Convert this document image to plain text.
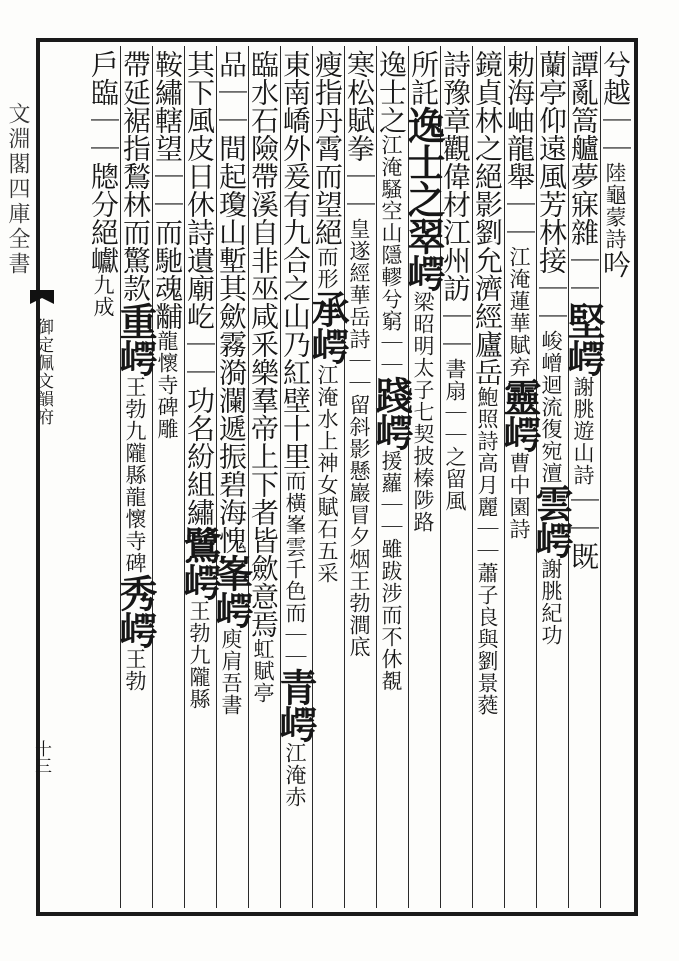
文淵閣四庫全書
御定佩文韻府
十三
兮越｜｜陸龜蒙詩吟
譚亂篙艫夢寐雜｜｜堅崿謝朓遊山詩｜｜既
蘭亭仰遠風芳林接｜｜峻嶒迴流復宛澶雲崿謝朓紀功
勅海岫龍舉｜｜江淹蓮華賦弃靈崿曹中園詩
鏡貞林之絕影劉允濟經廬岳鮑照詩高月麗｜｜蕭子良與劉景蕤
詩豫章觀偉材江州訪｜｜書扇｜｜之留風
所託逸士之翠崿梁昭明太子七契披榛陟路
逸士之江淹騷空山隱轇兮窮｜｜踐崿援蘿｜｜雖跋涉而不休覩
寒松賦拳｜｜皇遂經華岳詩｜｜留斜影懸巖冒夕烟王勃澗底
瘦指丹霄而望絕而形承崿江淹水上神女賦石五采
東南嶠外爰有九合之山乃紅壁十里而橫峯雲千色而｜｜青崿江淹赤
臨水石險帶溪自非巫咸釆樂羣帝上下者皆歛意焉虹賦亭
品｜｜間起瓊山塹其歛霧漪瀾遞振碧海愧峯崿庾肩吾書
其下風皮日休詩遺廟屹｜｜功名紛組繡鷺崿王勃九隴縣
鞍繡轄望｜｜而馳魂黼龍懷寺碑雕
帶延裾指鶖林而驚款重崿王勃九隴縣龍懷寺碑秀崿王勃
戶臨｜｜牕分絕巘九成
